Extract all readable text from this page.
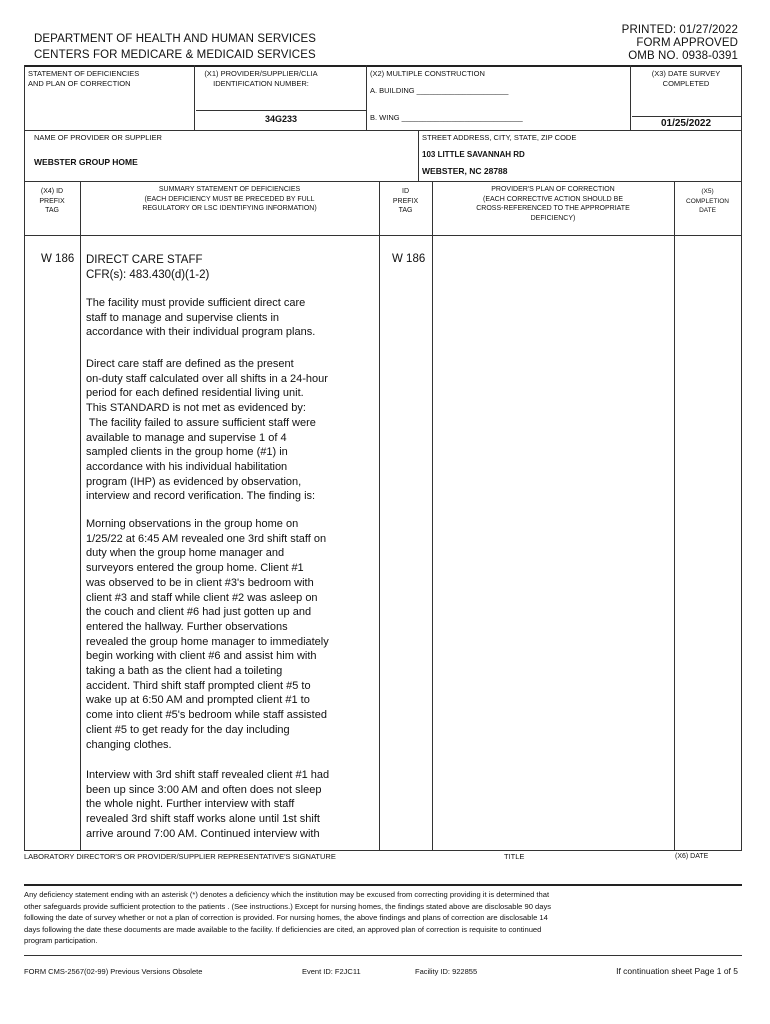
DEPARTMENT OF HEALTH AND HUMAN SERVICES
CENTERS FOR MEDICARE & MEDICAID SERVICES
PRINTED: 01/27/2022
FORM APPROVED
OMB NO. 0938-0391
STATEMENT OF DEFICIENCIES
AND PLAN OF CORRECTION
(X1) PROVIDER/SUPPLIER/CLIA
IDENTIFICATION NUMBER:
34G233
(X2) MULTIPLE CONSTRUCTION
A. BUILDING ______________________
B. WING _____________________________
(X3) DATE SURVEY
COMPLETED
01/25/2022
NAME OF PROVIDER OR SUPPLIER
WEBSTER GROUP HOME
STREET ADDRESS, CITY, STATE, ZIP CODE
103 LITTLE SAVANNAH RD
WEBSTER, NC 28788
(X4) ID
PREFIX
TAG
SUMMARY STATEMENT OF DEFICIENCIES
(EACH DEFICIENCY MUST BE PRECEDED BY FULL
REGULATORY OR LSC IDENTIFYING INFORMATION)
ID
PREFIX
TAG
PROVIDER'S PLAN OF CORRECTION
(EACH CORRECTIVE ACTION SHOULD BE
CROSS-REFERENCED TO THE APPROPRIATE
DEFICIENCY)
(X5)
COMPLETION
DATE
W 186	W 186
DIRECT CARE STAFF
CFR(s): 483.430(d)(1-2)
The facility must provide sufficient direct care
staff to manage and supervise clients in
accordance with their individual program plans.
Direct care staff are defined as the present
on-duty staff calculated over all shifts in a 24-hour
period for each defined residential living unit.
This STANDARD is not met as evidenced by:
The facility failed to assure sufficient staff were
available to manage and supervise 1 of 4
sampled clients in the group home (#1) in
accordance with his individual habilitation
program (IHP) as evidenced by observation,
interview and record verification. The finding is:
Morning observations in the group home on
1/25/22 at 6:45 AM revealed one 3rd shift staff on
duty when the group home manager and
surveyors entered the group home. Client #1
was observed to be in client #3's bedroom with
client #3 and staff while client #2 was asleep on
the couch and client #6 had just gotten up and
entered the hallway. Further observations
revealed the group home manager to immediately
begin working with client #6 and assist him with
taking a bath as the client had a toileting
accident. Third shift staff prompted client #5 to
wake up at 6:50 AM and prompted client #1 to
come into client #5's bedroom while staff assisted
client #5 to get ready for the day including
changing clothes.
Interview with 3rd shift staff revealed client #1 had
been up since 3:00 AM and often does not sleep
the whole night. Further interview with staff
revealed 3rd shift staff works alone until 1st shift
arrive around 7:00 AM. Continued interview with
LABORATORY DIRECTOR'S OR PROVIDER/SUPPLIER REPRESENTATIVE'S SIGNATURE	TITLE	(X6) DATE
Any deficiency statement ending with an asterisk (*) denotes a deficiency which the institution may be excused from correcting providing it is determined that
other safeguards provide sufficient protection to the patients . (See instructions.) Except for nursing homes, the findings stated above are disclosable 90 days
following the date of survey whether or not a plan of correction is provided. For nursing homes, the above findings and plans of correction are disclosable 14
days following the date these documents are made available to the facility. If deficiencies are cited, an approved plan of correction is requisite to continued
program participation.
FORM CMS-2567(02-99) Previous Versions Obsolete	Event ID: F2JC11	Facility ID: 922855	If continuation sheet Page 1 of 5
